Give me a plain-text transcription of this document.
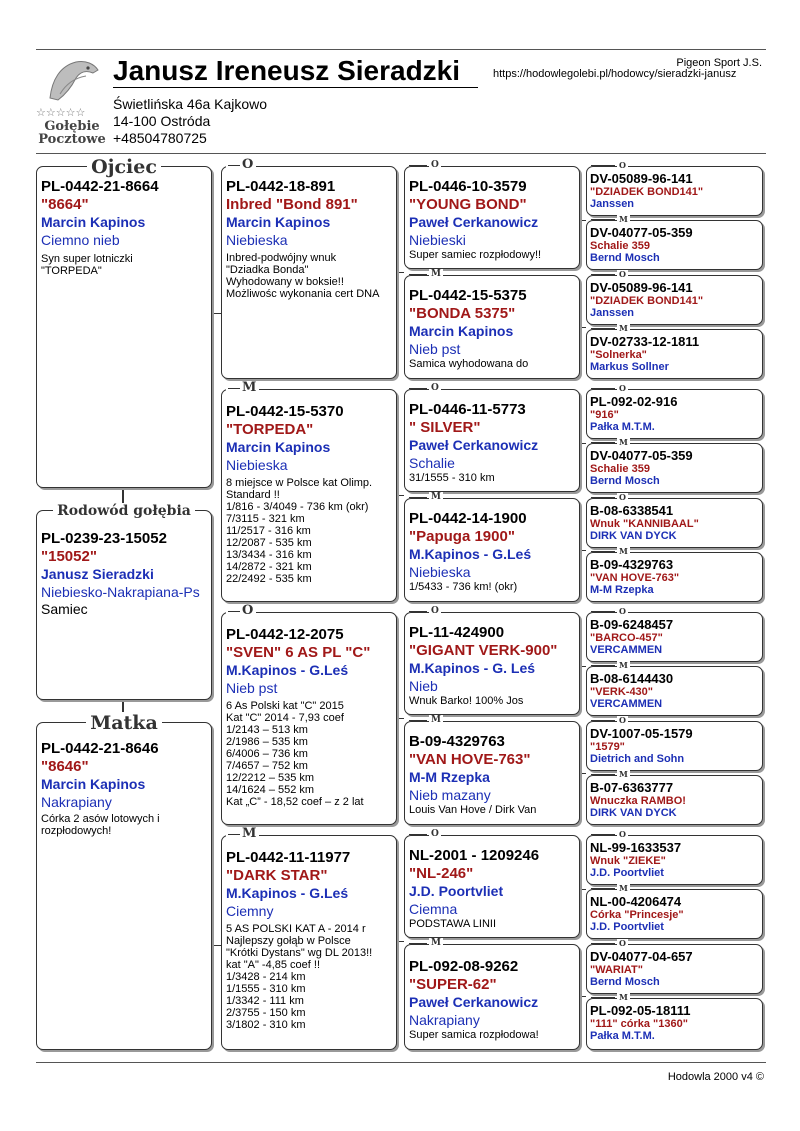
☆☆☆☆☆
Gołębie
Pocztowe
Janusz Ireneusz Sieradzki
Świetlińska 46a Kajkowo
14-100 Ostróda
+48504780725
Pigeon Sport J.S.
https://hodowlegolebi.pl/hodowcy/sieradzki-janusz
Ojciec
PL-0442-21-8664
"8664"
Marcin Kapinos
Ciemno nieb
Syn super lotniczki
"TORPEDA"
Rodowód gołębia
PL-0239-23-15052
"15052"
Janusz Sieradzki
Niebiesko-Nakrapiana-Ps
Samiec
Matka
PL-0442-21-8646
"8646"
Marcin Kapinos
Nakrapiany
Córka 2 asów lotowych i
rozpłodowych!
O
PL-0442-18-891
Inbred "Bond 891"
Marcin Kapinos
Niebieska
Inbred-podwójny wnuk
"Dziadka Bonda"
Wyhodowany w boksie!!
Możliwośc wykonania cert DNA
M
PL-0442-15-5370
"TORPEDA"
Marcin Kapinos
Niebieska
8 miejsce w Polsce kat Olimp.
Standard !!
1/816 - 3/4049 - 736 km (okr)
7/3115 - 321 km
11/2517 - 316 km
12/2087 - 535 km
13/3434 - 316 km
14/2872 - 321 km
22/2492 - 535 km
O
PL-0442-12-2075
"SVEN" 6 AS PL "C"
M.Kapinos - G.Leś
Nieb pst
6 As Polski kat "C" 2015
Kat "C" 2014 - 7,93 coef
1/2143 – 513 km
2/1986 – 535 km
6/4006 – 736 km
7/4657 – 752 km
12/2212 – 535 km
14/1624 – 552 km
Kat „C” - 18,52 coef – z 2 lat
M
PL-0442-11-11977
"DARK STAR"
M.Kapinos - G.Leś
Ciemny
5 AS POLSKI KAT A - 2014 r
Najlepszy gołąb w Polsce
"Krótki Dystans" wg DL 2013!!
kat "A" -4,85 coef !!
1/3428 - 214 km
1/1555 - 310 km
1/3342 - 111 km
2/3755 - 150 km
3/1802 - 310 km
O
PL-0446-10-3579
"YOUNG BOND"
Paweł Cerkanowicz
Niebieski
Super samiec rozpłodowy!!
M
PL-0442-15-5375
"BONDA 5375"
Marcin Kapinos
Nieb pst
Samica wyhodowana do
O
PL-0446-11-5773
" SILVER"
Paweł Cerkanowicz
Schalie
31/1555 - 310 km
M
PL-0442-14-1900
"Papuga 1900"
M.Kapinos - G.Leś
Niebieska
1/5433 - 736 km! (okr)
O
PL-11-424900
"GIGANT VERK-900"
M.Kapinos - G. Leś
Nieb
Wnuk Barko! 100% Jos
M
B-09-4329763
"VAN HOVE-763"
M-M Rzepka
Nieb mazany
Louis Van Hove / Dirk Van
O
NL-2001 - 1209246
"NL-246"
J.D. Poortvliet
Ciemna
PODSTAWA LINII
M
PL-092-08-9262
"SUPER-62"
Paweł Cerkanowicz
Nakrapiany
Super samica rozpłodowa!
O
DV-05089-96-141
"DZIADEK BOND141"
Janssen
M
DV-04077-05-359
Schalie 359
Bernd Mosch
O
DV-05089-96-141
"DZIADEK BOND141"
Janssen
M
DV-02733-12-1811
"Solnerka"
Markus Sollner
O
PL-092-02-916
"916"
Pałka M.T.M.
M
DV-04077-05-359
Schalie 359
Bernd Mosch
O
B-08-6338541
Wnuk "KANNIBAAL"
DIRK VAN DYCK
M
B-09-4329763
"VAN HOVE-763"
M-M Rzepka
O
B-09-6248457
"BARCO-457"
VERCAMMEN
M
B-08-6144430
"VERK-430"
VERCAMMEN
O
DV-1007-05-1579
"1579"
Dietrich and Sohn
M
B-07-6363777
Wnuczka RAMBO!
DIRK VAN DYCK
O
NL-99-1633537
Wnuk "ZIEKE"
J.D. Poortvliet
M
NL-00-4206474
Córka "Princesje"
J.D. Poortvliet
O
DV-04077-04-657
"WARIAT"
Bernd Mosch
M
PL-092-05-18111
"111" córka "1360"
Pałka M.T.M.
Hodowla 2000 v4 ©
